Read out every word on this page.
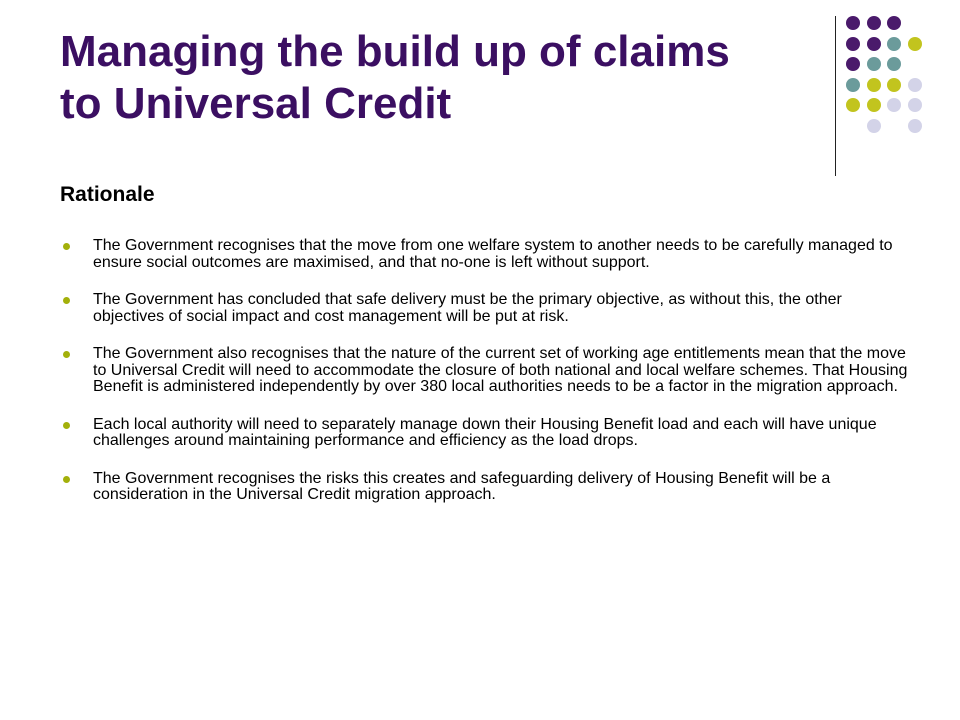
Managing the build up of claims to Universal Credit
Rationale
The Government recognises that the move from one welfare system to another needs to be carefully managed to ensure social outcomes are maximised, and that no-one is left without support.
The Government has concluded that safe delivery must be the primary objective, as without this, the other objectives of social impact and cost management will be put at risk.
The Government also recognises that the nature of the current set of working age entitlements mean that the move to Universal Credit will need to accommodate the closure of both national and local welfare schemes. That Housing Benefit is administered independently by over 380 local authorities needs to be a factor in the migration approach.
Each local authority will need to separately manage down their Housing Benefit load and each will have unique challenges around maintaining performance and efficiency as the load drops.
The Government recognises the risks this creates and safeguarding delivery of Housing Benefit will be a consideration in the Universal Credit migration approach.
